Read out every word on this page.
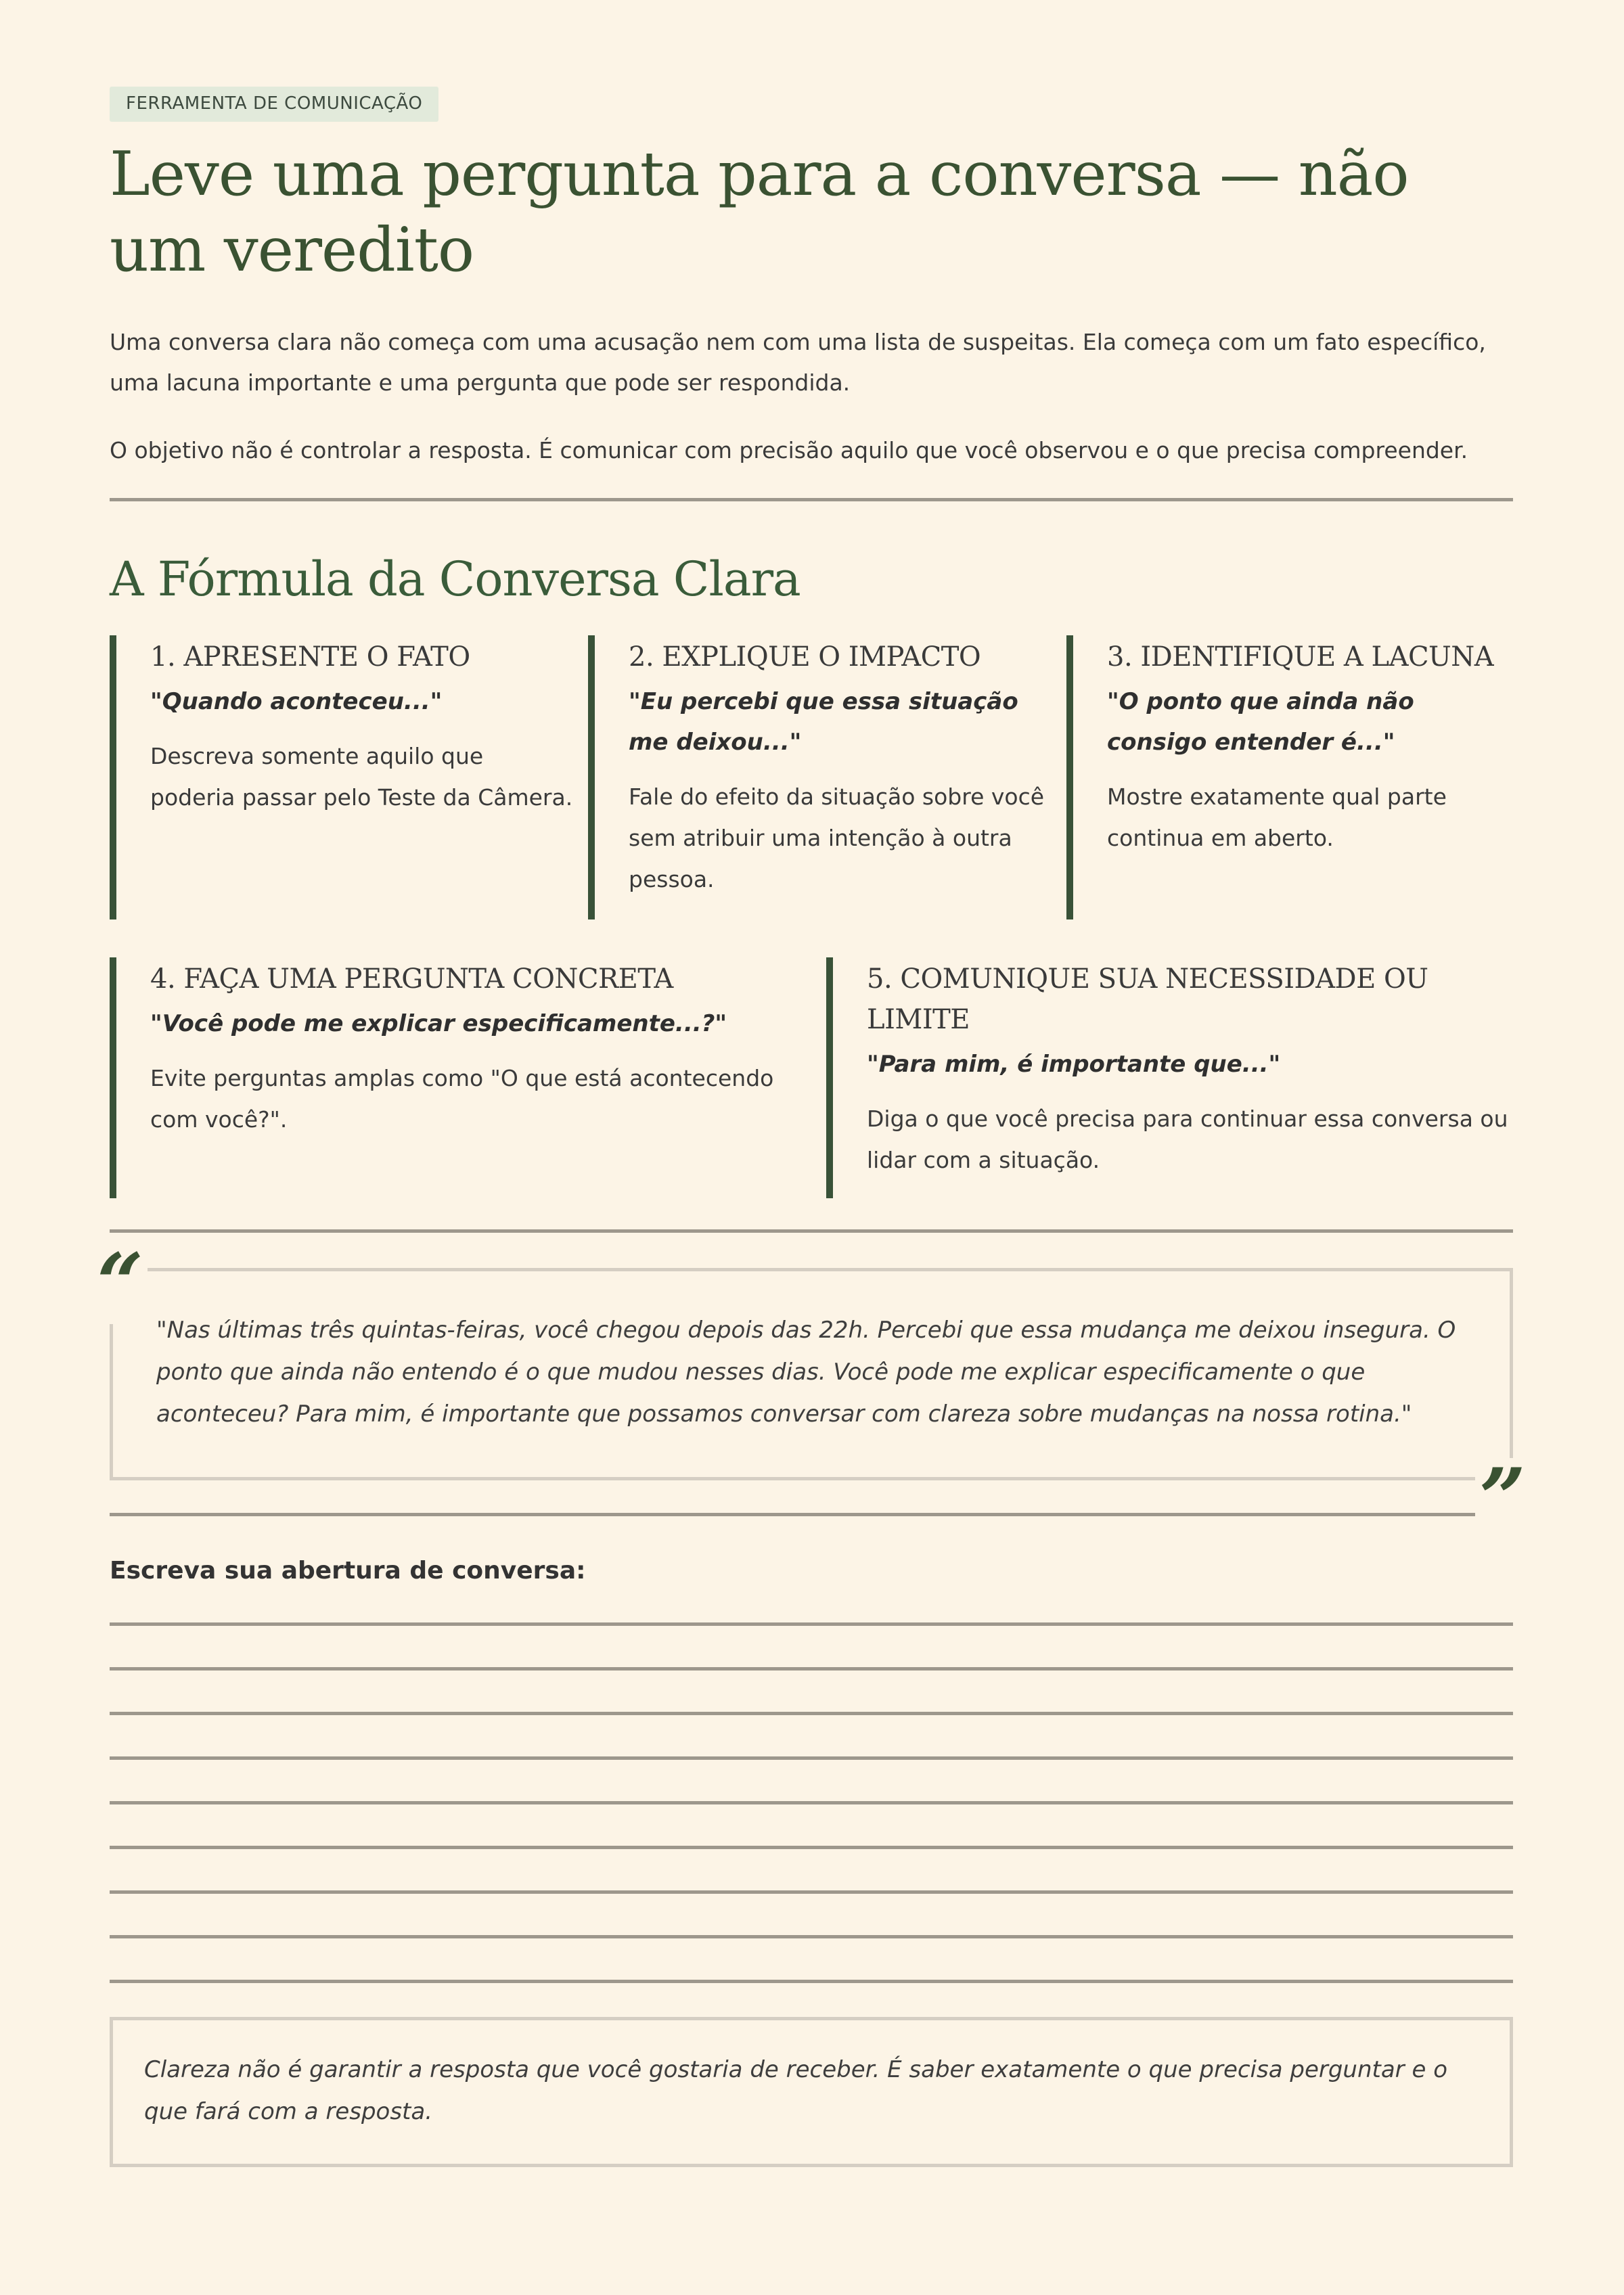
FERRAMENTA DE COMUNICAÇÃO
Leve uma pergunta para a conversa — não um veredito

Uma conversa clara não começa com uma acusação nem com uma lista de suspeitas. Ela começa com um fato específico, uma lacuna importante e uma pergunta que pode ser respondida.

O objetivo não é controlar a resposta. É comunicar com precisão aquilo que você observou e o que precisa compreender.

A Fórmula da Conversa Clara
1. APRESENTE O FATO
"Quando aconteceu..."
Descreva somente aquilo que poderia passar pelo Teste da Câmera.
2. EXPLIQUE O IMPACTO
"Eu percebi que essa situação me deixou..."
Fale do efeito da situação sobre você sem atribuir uma intenção à outra pessoa.
3. IDENTIFIQUE A LACUNA
"O ponto que ainda não consigo entender é..."
Mostre exatamente qual parte continua em aberto.
4. FAÇA UMA PERGUNTA CONCRETA
"Você pode me explicar especificamente...?"
Evite perguntas amplas como "O que está acontecendo com você?".
5. COMUNIQUE SUA NECESSIDADE OU LIMITE
"Para mim, é importante que..."
Diga o que você precisa para continuar essa conversa ou lidar com a situação.
“ "Nas últimas três quintas-feiras, você chegou depois das 22h. Percebi que essa mudança me deixou insegura. O ponto que ainda não entendo é o que mudou nesses dias. Você pode me explicar especificamente o que aconteceu? Para mim, é importante que possamos conversar com clareza sobre mudanças na nossa rotina."

”
Escreva sua abertura de conversa:

Clareza não é garantir a resposta que você gostaria de receber. É saber exatamente o que precisa perguntar e o que fará com a resposta.
